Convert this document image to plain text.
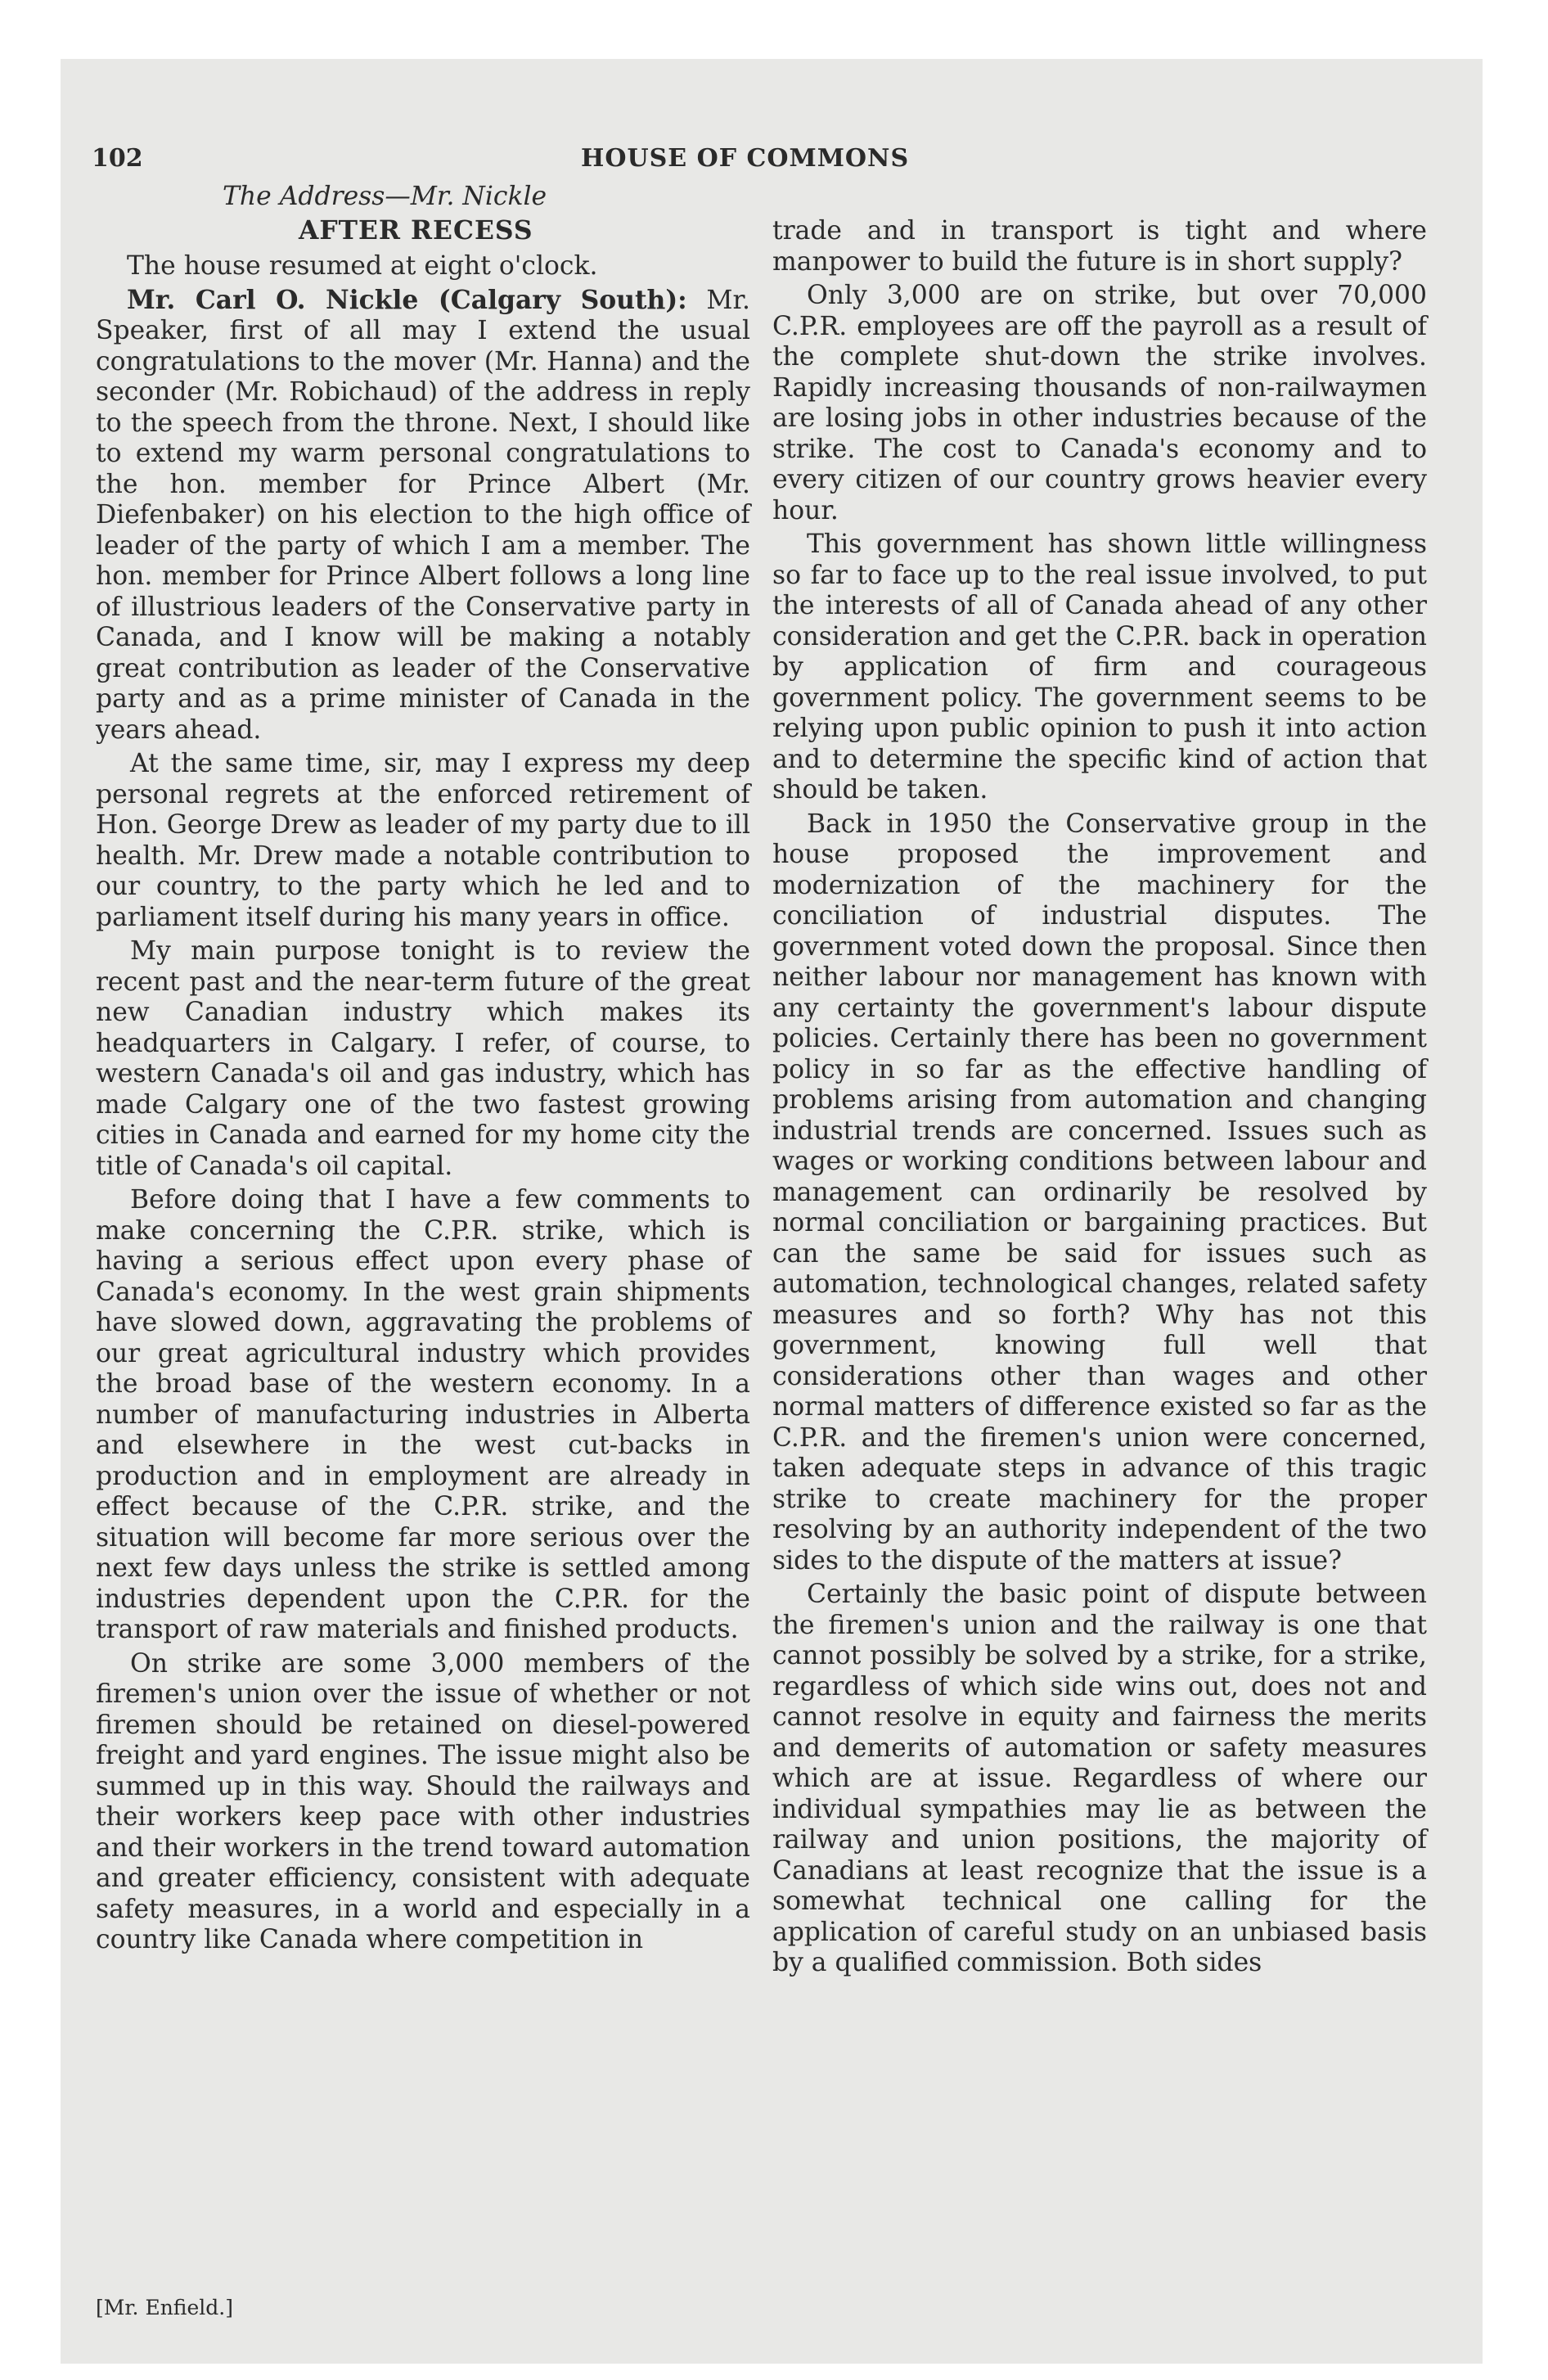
102	HOUSE OF COMMONS
The Address—Mr. Nickle
AFTER RECESS

The house resumed at eight o'clock.

Mr. Carl O. Nickle (Calgary South): Mr. Speaker, first of all may I extend the usual congratulations to the mover (Mr. Hanna) and the seconder (Mr. Robichaud) of the address in reply to the speech from the throne. Next, I should like to extend my warm personal congratulations to the hon. member for Prince Albert (Mr. Diefenbaker) on his election to the high office of leader of the party of which I am a member. The hon. member for Prince Albert follows a long line of illustrious leaders of the Conservative party in Canada, and I know will be making a notably great contribution as leader of the Conservative party and as a prime minister of Canada in the years ahead.

At the same time, sir, may I express my deep personal regrets at the enforced retirement of Hon. George Drew as leader of my party due to ill health. Mr. Drew made a notable contribution to our country, to the party which he led and to parliament itself during his many years in office.

My main purpose tonight is to review the recent past and the near-term future of the great new Canadian industry which makes its headquarters in Calgary. I refer, of course, to western Canada's oil and gas industry, which has made Calgary one of the two fastest growing cities in Canada and earned for my home city the title of Canada's oil capital.

Before doing that I have a few comments to make concerning the C.P.R. strike, which is having a serious effect upon every phase of Canada's economy. In the west grain shipments have slowed down, aggravating the problems of our great agricultural industry which provides the broad base of the western economy. In a number of manufacturing industries in Alberta and elsewhere in the west cut-backs in production and in employment are already in effect because of the C.P.R. strike, and the situation will become far more serious over the next few days unless the strike is settled among industries dependent upon the C.P.R. for the transport of raw materials and finished products.

On strike are some 3,000 members of the firemen's union over the issue of whether or not firemen should be retained on diesel-powered freight and yard engines. The issue might also be summed up in this way. Should the railways and their workers keep pace with other industries and their workers in the trend toward automation and greater efficiency, consistent with adequate safety measures, in a world and especially in a country like Canada where competition in

trade and in transport is tight and where manpower to build the future is in short supply?

Only 3,000 are on strike, but over 70,000 C.P.R. employees are off the payroll as a result of the complete shut-down the strike involves. Rapidly increasing thousands of non-railwaymen are losing jobs in other industries because of the strike. The cost to Canada's economy and to every citizen of our country grows heavier every hour.

This government has shown little willingness so far to face up to the real issue involved, to put the interests of all of Canada ahead of any other consideration and get the C.P.R. back in operation by application of firm and courageous government policy. The government seems to be relying upon public opinion to push it into action and to determine the specific kind of action that should be taken.

Back in 1950 the Conservative group in the house proposed the improvement and modernization of the machinery for the conciliation of industrial disputes. The government voted down the proposal. Since then neither labour nor management has known with any certainty the government's labour dispute policies. Certainly there has been no government policy in so far as the effective handling of problems arising from automation and changing industrial trends are concerned. Issues such as wages or working conditions between labour and management can ordinarily be resolved by normal conciliation or bargaining practices. But can the same be said for issues such as automation, technological changes, related safety measures and so forth? Why has not this government, knowing full well that considerations other than wages and other normal matters of difference existed so far as the C.P.R. and the firemen's union were concerned, taken adequate steps in advance of this tragic strike to create machinery for the proper resolving by an authority independent of the two sides to the dispute of the matters at issue?

Certainly the basic point of dispute between the firemen's union and the railway is one that cannot possibly be solved by a strike, for a strike, regardless of which side wins out, does not and cannot resolve in equity and fairness the merits and demerits of automation or safety measures which are at issue. Regardless of where our individual sympathies may lie as between the railway and union positions, the majority of Canadians at least recognize that the issue is a somewhat technical one calling for the application of careful study on an unbiased basis by a qualified commission. Both sides

[Mr. Enfield.]
